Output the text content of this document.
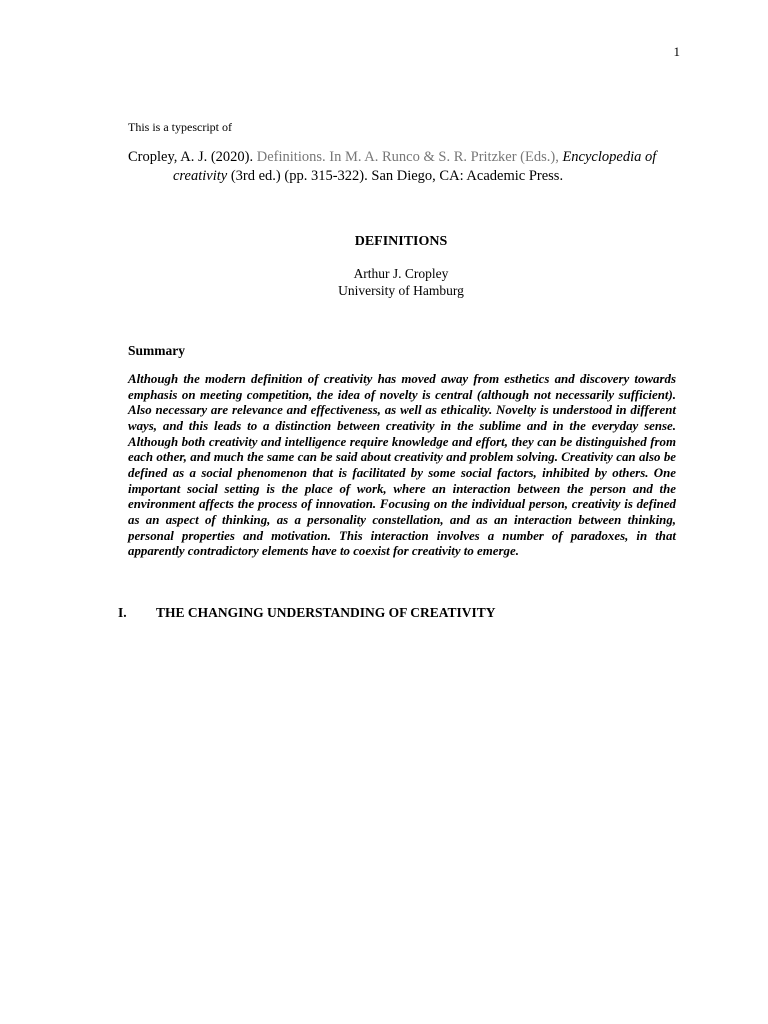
1
This is a typescript of
Cropley, A. J. (2020). Definitions. In M. A. Runco & S. R. Pritzker (Eds.), Encyclopedia of creativity (3rd ed.) (pp. 315-322). San Diego, CA: Academic Press.
DEFINITIONS
Arthur J. Cropley
University of Hamburg
Summary
Although the modern definition of creativity has moved away from esthetics and discovery towards emphasis on meeting competition, the idea of novelty is central (although not necessarily sufficient). Also necessary are relevance and effectiveness, as well as ethicality. Novelty is understood in different ways, and this leads to a distinction between creativity in the sublime and in the everyday sense. Although both creativity and intelligence require knowledge and effort, they can be distinguished from each other, and much the same can be said about creativity and problem solving. Creativity can also be defined as a social phenomenon that is facilitated by some social factors, inhibited by others. One important social setting is the place of work, where an interaction between the person and the environment affects the process of innovation. Focusing on the individual person, creativity is defined as an aspect of thinking, as a personality constellation, and as an interaction between thinking, personal properties and motivation. This interaction involves a number of paradoxes, in that apparently contradictory elements have to coexist for creativity to emerge.
I. THE CHANGING UNDERSTANDING OF CREATIVITY
